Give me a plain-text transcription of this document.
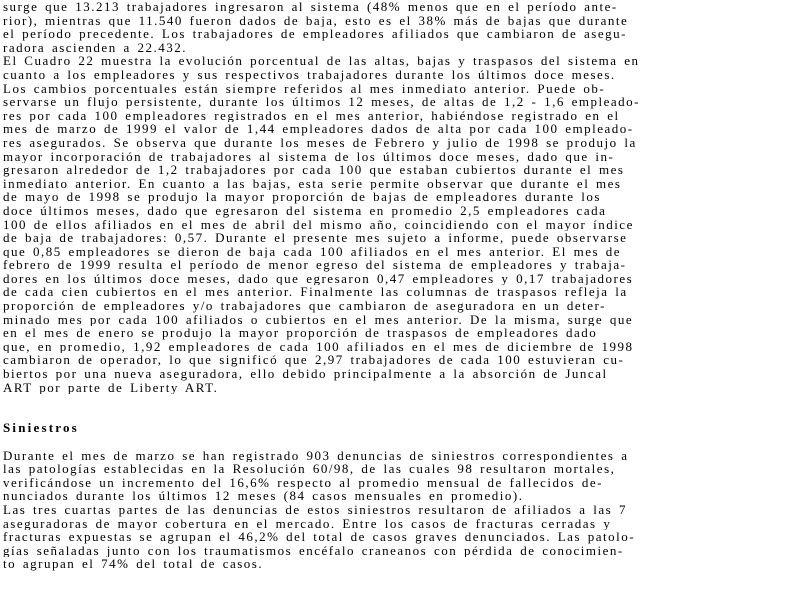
surge que 13.213 trabajadores ingresaron al sistema (48% menos que en el período ante-
rior), mientras que 11.540 fueron dados de baja, esto es el 38% más de bajas que durante
el período precedente. Los trabajadores de empleadores afiliados que cambiaron de asegu-
radora ascienden a 22.432.
El Cuadro 22 muestra la evolución porcentual de las altas, bajas y traspasos del sistema en
cuanto a los empleadores y sus respectivos trabajadores durante los últimos doce meses.
Los cambios porcentuales están siempre referidos al mes inmediato anterior. Puede ob-
servarse un flujo persistente, durante los últimos 12 meses, de altas de 1,2 - 1,6 empleado-
res por cada 100 empleadores registrados en el mes anterior, habiéndose registrado en el
mes de marzo de 1999 el valor de 1,44 empleadores dados de alta por cada 100 empleado-
res asegurados. Se observa que durante los meses de Febrero y julio de 1998 se produjo la
mayor incorporación de trabajadores al sistema de los últimos doce meses, dado que in-
gresaron alrededor de 1,2 trabajadores por cada 100 que estaban cubiertos durante el mes
inmediato anterior. En cuanto a las bajas, esta serie permite observar que durante el mes
de mayo de 1998 se produjo la mayor proporción de bajas de empleadores durante los
doce últimos meses, dado que egresaron del sistema en promedio 2,5 empleadores cada
100 de ellos afiliados en el mes de abril del mismo año, coincidiendo con el mayor índice
de baja de trabajadores: 0,57. Durante el presente mes sujeto a informe, puede observarse
que 0,85 empleadores se dieron de baja cada 100 afiliados en el mes anterior. El mes de
febrero de 1999 resulta el período de menor egreso del sistema de empleadores y trabaja-
dores en los últimos doce meses, dado que egresaron 0,47 empleadores y 0,17 trabajadores
de cada cien cubiertos en el mes anterior. Finalmente las columnas de traspasos refleja la
proporción de empleadores y/o trabajadores que cambiaron de aseguradora en un deter-
minado mes por cada 100 afiliados o cubiertos en el mes anterior. De la misma, surge que
en el mes de enero se produjo la mayor proporción de traspasos de empleadores dado
que, en promedio, 1,92 empleadores de cada 100 afiliados en el mes de diciembre de 1998
cambiaron de operador, lo que significó que 2,97 trabajadores de cada 100 estuvieran cu-
biertos por una nueva aseguradora, ello debido principalmente a la absorción de Juncal
ART por parte de Liberty ART.
Siniestros
Durante el mes de marzo se han registrado 903 denuncias de siniestros correspondientes a
las patologías establecidas en la Resolución 60/98, de las cuales 98 resultaron mortales,
verificándose un incremento del 16,6% respecto al promedio mensual de fallecidos de-
nunciados durante los últimos 12 meses (84 casos mensuales en promedio).
Las tres cuartas partes de las denuncias de estos siniestros resultaron de afiliados a las 7
aseguradoras de mayor cobertura en el mercado. Entre los casos de fracturas cerradas y
fracturas expuestas se agrupan el 46,2% del total de casos graves denunciados. Las patolo-
gías señaladas junto con los traumatismos encéfalo craneanos con pérdida de conocimien-
to agrupan el 74% del total de casos.
